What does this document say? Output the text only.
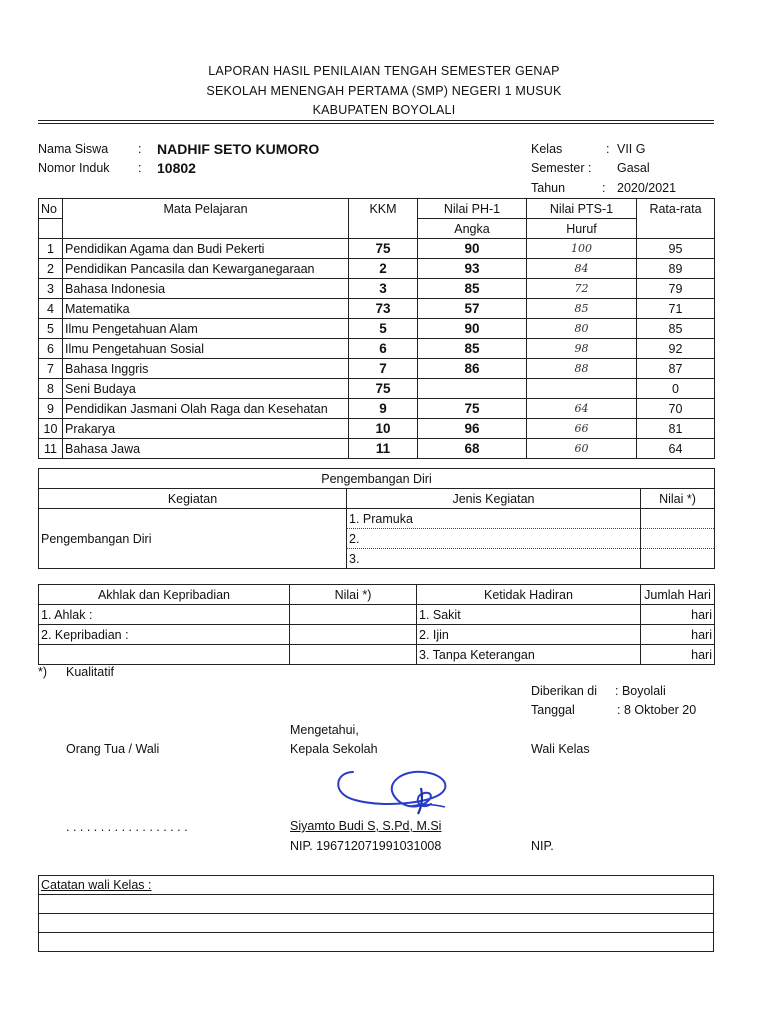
LAPORAN HASIL PENILAIAN TENGAH SEMESTER GENAP
SEKOLAH MENENGAH PERTAMA (SMP) NEGERI 1 MUSUK
KABUPATEN BOYOLALI
Nama Siswa : NADHIF SETO KUMORO
Nomor Induk : 10802
Kelas	: VII G
Semester : Gasal
Tahun	: 2020/2021
No	Mata Pelajaran	KKM	Nilai PH-1	Nilai PTS-1	Rata-rata
			Angka	Huruf	
1	Pendidikan Agama dan Budi Pekerti	75	90	100	95
2	Pendidikan Pancasila dan Kewarganegaraan	2	93	84	89
3	Bahasa Indonesia	3	85	72	79
4	Matematika	73	57	85	71
5	Ilmu Pengetahuan Alam	5	90	80	85
6	Ilmu Pengetahuan Sosial	6	85	98	92
7	Bahasa Inggris	7	86	88	87
8	Seni Budaya	75			0
9	Pendidikan Jasmani Olah Raga dan Kesehatan	9	75	64	70
10	Prakarya	10	96	66	81
11	Bahasa Jawa	11	68	60	64
Pengembangan Diri		
Kegiatan	Jenis Kegiatan	Nilai *)
Pengembangan Diri	1. Pramuka	
	2.	
	3.	
Akhlak dan Kepribadian	Nilai *)	Ketidak Hadiran	Jumlah Hari
1. Ahlak :		1. Sakit	hari
2. Kepribadian :		2. Ijin	hari
		3. Tanpa Keterangan	hari
*) Kualitatif
Diberikan di : Boyolali
Tanggal	: 8 Oktober 20
Mengetahui,
Orang Tua / Wali	Kepala Sekolah	Wali Kelas
. . . . . . . . . . . . . . . . . .	Siyamto Budi S, S.Pd, M.Si
NIP. 196712071991031008	NIP.
Catatan wali Kelas :
